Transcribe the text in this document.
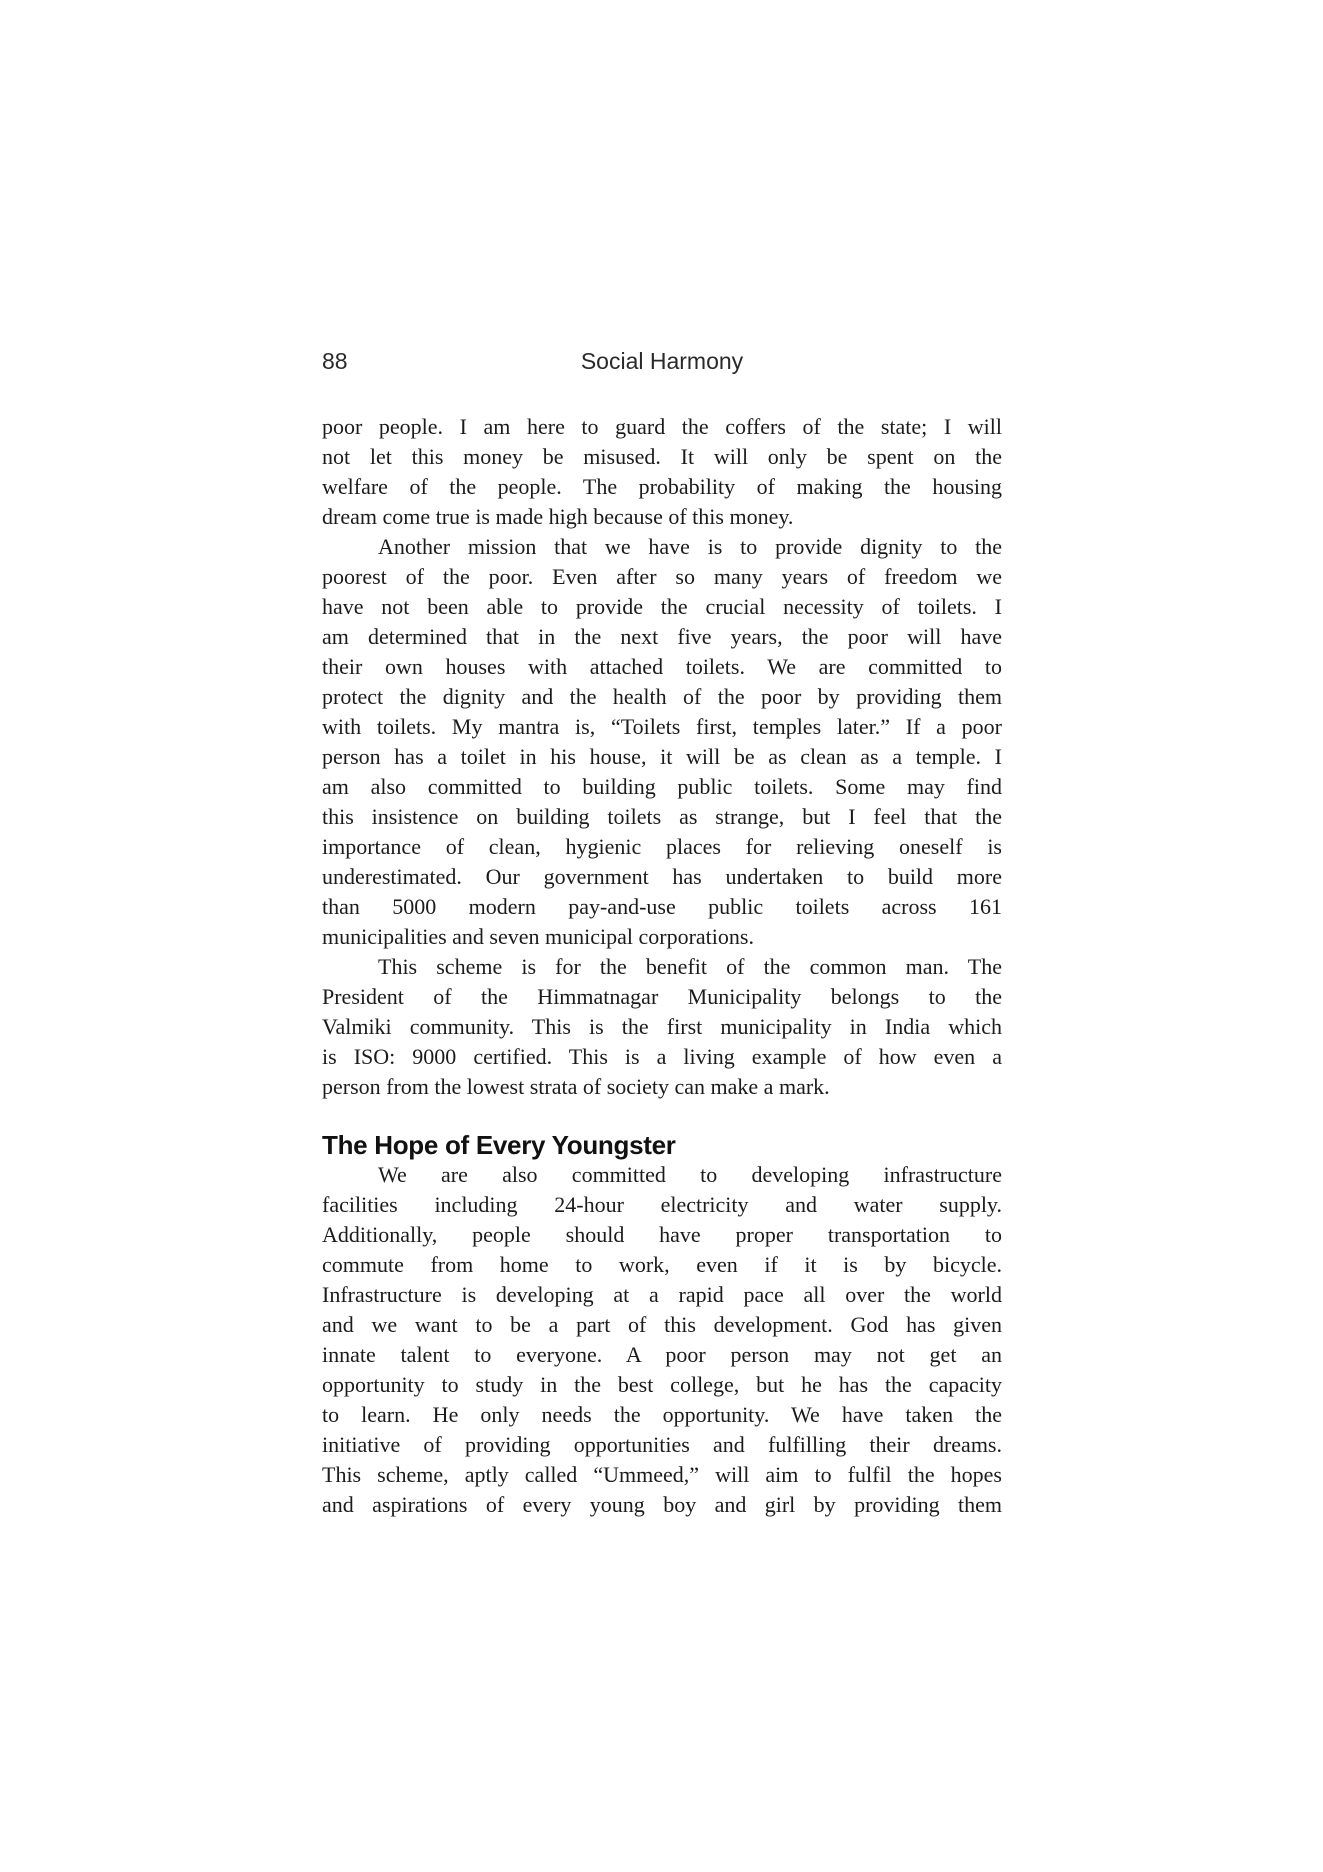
88	Social Harmony
poor people. I am here to guard the coffers of the state; I will
not let this money be misused. It will only be spent on the
welfare of the people. The probability of making the housing
dream come true is made high because of this money.
Another mission that we have is to provide dignity to the
poorest of the poor. Even after so many years of freedom we
have not been able to provide the crucial necessity of toilets. I
am determined that in the next five years, the poor will have
their own houses with attached toilets. We are committed to
protect the dignity and the health of the poor by providing them
with toilets. My mantra is, “Toilets first, temples later.” If a poor
person has a toilet in his house, it will be as clean as a temple. I
am also committed to building public toilets. Some may find
this insistence on building toilets as strange, but I feel that the
importance of clean, hygienic places for relieving oneself is
underestimated. Our government has undertaken to build more
than 5000 modern pay-and-use public toilets across 161
municipalities and seven municipal corporations.
This scheme is for the benefit of the common man. The
President of the Himmatnagar Municipality belongs to the
Valmiki community. This is the first municipality in India which
is ISO: 9000 certified. This is a living example of how even a
person from the lowest strata of society can make a mark.
The Hope of Every Youngster
We are also committed to developing infrastructure
facilities including 24-hour electricity and water supply.
Additionally, people should have proper transportation to
commute from home to work, even if it is by bicycle.
Infrastructure is developing at a rapid pace all over the world
and we want to be a part of this development. God has given
innate talent to everyone. A poor person may not get an
opportunity to study in the best college, but he has the capacity
to learn. He only needs the opportunity. We have taken the
initiative of providing opportunities and fulfilling their dreams.
This scheme, aptly called “Ummeed,” will aim to fulfil the hopes
and aspirations of every young boy and girl by providing them
